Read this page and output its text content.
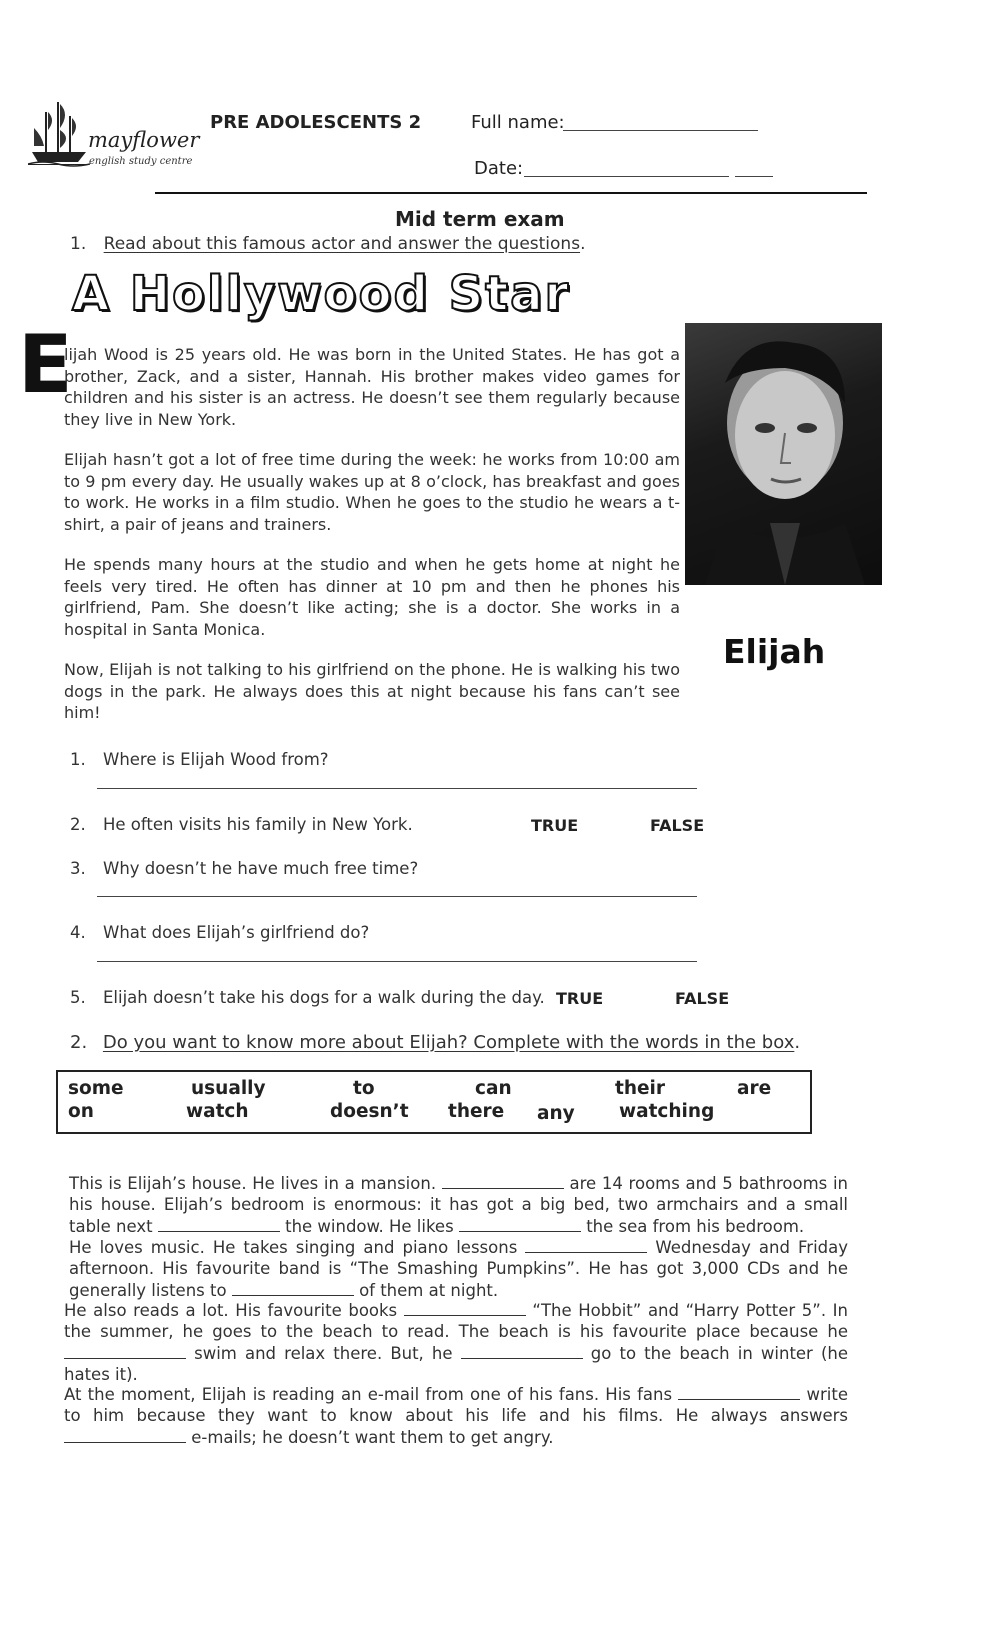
mayflower
english study centre
PRE ADOLESCENTS 2	Full name:
Date:
Mid term exam
1. Read about this famous actor and answer the questions.
A Hollywood Star
Elijah
E
lijah Wood is 25 years old. He was born in the United States. He has got a brother, Zack, and a sister, Hannah. His brother makes video games for children and his sister is an actress. He doesn’t see them regularly because they live in New York.
Elijah hasn’t got a lot of free time during the week: he works from 10:00 am to 9 pm every day. He usually wakes up at 8 o’clock, has breakfast and goes to work. He works in a film studio. When he goes to the studio he wears a t-shirt, a pair of jeans and trainers.
He spends many hours at the studio and when he gets home at night he feels very tired. He often has dinner at 10 pm and then he phones his girlfriend, Pam. She doesn’t like acting; she is a doctor. She works in a hospital in Santa Monica.
Now, Elijah is not talking to his girlfriend on the phone. He is walking his two dogs in the park. He always does this at night because his fans can’t see him!
1. Where is Elijah Wood from?
2. He often visits his family in New York.	TRUE	FALSE
3. Why doesn’t he have much free time?
4. What does Elijah’s girlfriend do?
5. Elijah doesn’t take his dogs for a walk during the day. TRUE	FALSE
2. Do you want to know more about Elijah? Complete with the words in the box.
some	usually	to	can	their	are
on	watch	doesn’t there any watching
This is Elijah’s house. He lives in a mansion.	are 14 rooms and 5 bathrooms in his house. Elijah’s bedroom is enormous: it has got a big bed, two armchairs and a small table next	the window. He likes	the sea from his bedroom.
He loves music. He takes singing and piano lessons	Wednesday and Friday afternoon. His favourite band is “The Smashing Pumpkins”. He has got 3,000 CDs and he generally listens to	of them at night.
He also reads a lot. His favourite books	“The Hobbit” and “Harry Potter 5”. In the summer, he goes to the beach to read. The beach is his favourite place because he  swim and relax there. But, he	go to the beach in winter (he hates it).
At the moment, Elijah is reading an e-mail from one of his fans. His fans	write to him because they want to know about his life and his films. He always answers  e-mails; he doesn’t want them to get angry.
